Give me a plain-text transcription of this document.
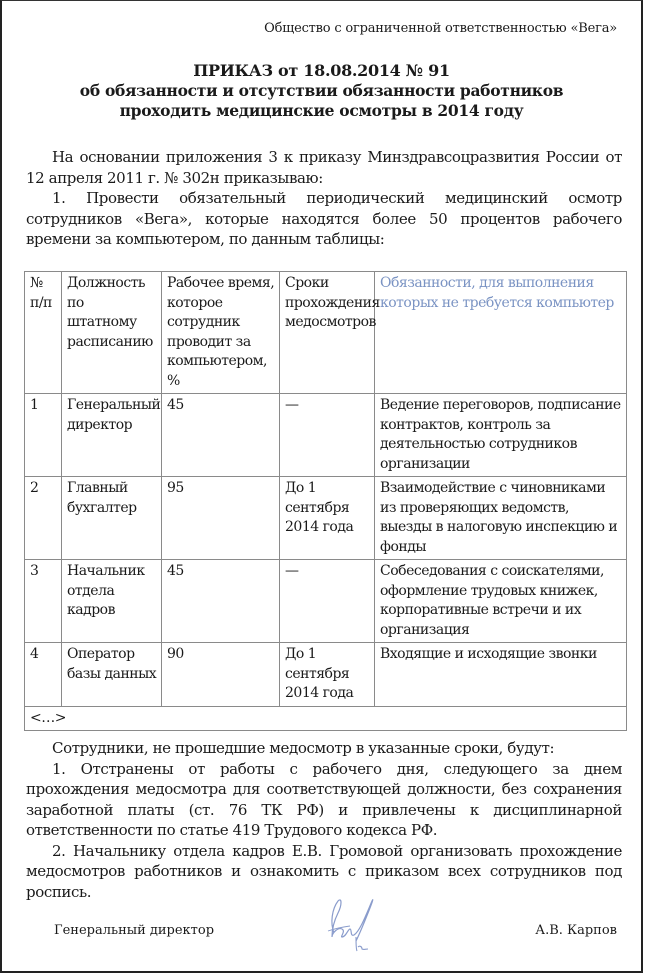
Общество с ограниченной ответственностью «Вега»
ПРИКАЗ от 18.08.2014 № 91
об обязанности и отсутствии обязанности работников
проходить медицинские осмотры в 2014 году

На основании приложения 3 к приказу Минздравсоцразвития России от 12 апреля 2011 г. № 302н приказываю:

1. Провести обязательный периодический медицинский осмотр сотрудников «Вега», которые находятся более 50 процентов рабочего времени за компьютером, по данным таблицы:

№ п/п	Должность по штатному расписанию	Рабочее время, которое сотрудник проводит за компьютером, %	Сроки прохождения медосмотров	Обязанности, для выполнения которых не требуется компьютер
1	Генеральный директор	45	—	Ведение переговоров, подписание контрактов, контроль за деятельностью сотрудников организации
2	Главный бухгалтер	95	До 1 сентября 2014 года	Взаимодействие с чиновниками из проверяющих ведомств, выезды в налоговую инспекцию и фонды
3	Начальник отдела кадров	45	—	Собеседования с соискателями, оформление трудовых книжек, корпоративные встречи и их организация
4	Оператор базы данных	90	До 1 сентября 2014 года	Входящие и исходящие звонки
<…>				

Сотрудники, не прошедшие медосмотр в указанные сроки, будут:

1. Отстранены от работы с рабочего дня, следующего за днем прохождения медосмотра для соответствующей должности, без сохранения заработной платы (ст. 76 ТК РФ) и привлечены к дисциплинарной ответственности по статье 419 Трудового кодекса РФ.

2. Начальнику отдела кадров Е.В. Громовой организовать прохождение медосмотров работников и ознакомить с приказом всех сотрудников под роспись.

Генеральный директор	А.В. Карпов
